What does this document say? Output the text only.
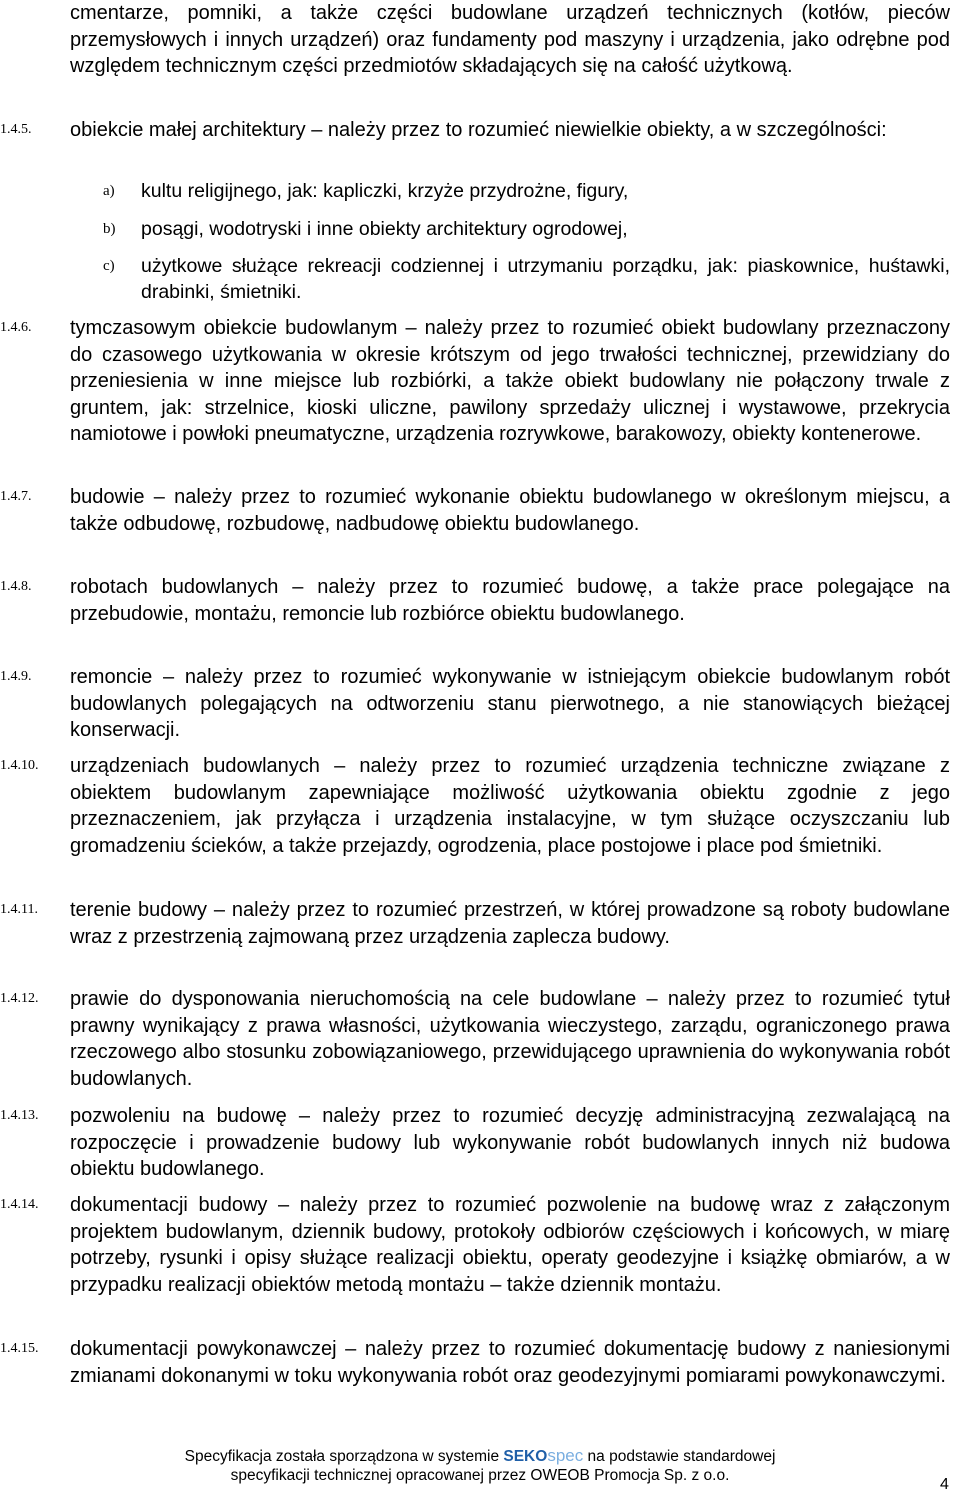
cmentarze, pomniki, a także części budowlane urządzeń technicznych (kotłów, pieców przemysłowych i innych urządzeń) oraz fundamenty pod maszyny i urządzenia, jako odrębne pod względem technicznym części przedmiotów składających się na całość użytkową.
1.4.5. obiekcie małej architektury – należy przez to rozumieć niewielkie obiekty, a w szczególności:
a) kultu religijnego, jak: kapliczki, krzyże przydrożne, figury,
b) posągi, wodotryski i inne obiekty architektury ogrodowej,
c) użytkowe służące rekreacji codziennej i utrzymaniu porządku, jak: piaskownice, huśtawki, drabinki, śmietniki.
1.4.6. tymczasowym obiekcie budowlanym – należy przez to rozumieć obiekt budowlany przeznaczony do czasowego użytkowania w okresie krótszym od jego trwałości technicznej, przewidziany do przeniesienia w inne miejsce lub rozbiórki, a także obiekt budowlany nie połączony trwale z gruntem, jak: strzelnice, kioski uliczne, pawilony sprzedaży ulicznej i wystawowe, przekrycia namiotowe i powłoki pneumatyczne, urządzenia rozrywkowe, barakowozy, obiekty kontenerowe.
1.4.7. budowie – należy przez to rozumieć wykonanie obiektu budowlanego w określonym miejscu, a także odbudowę, rozbudowę, nadbudowę obiektu budowlanego.
1.4.8. robotach budowlanych – należy przez to rozumieć budowę, a także prace polegające na przebudowie, montażu, remoncie lub rozbiórce obiektu budowlanego.
1.4.9. remoncie – należy przez to rozumieć wykonywanie w istniejącym obiekcie budowlanym robót budowlanych polegających na odtworzeniu stanu pierwotnego, a nie stanowiących bieżącej konserwacji.
1.4.10. urządzeniach budowlanych – należy przez to rozumieć urządzenia techniczne związane z obiektem budowlanym zapewniające możliwość użytkowania obiektu zgodnie z jego przeznaczeniem, jak przyłącza i urządzenia instalacyjne, w tym służące oczyszczaniu lub gromadzeniu ścieków, a także przejazdy, ogrodzenia, place postojowe i place pod śmietniki.
1.4.11. terenie budowy – należy przez to rozumieć przestrzeń, w której prowadzone są roboty budowlane wraz z przestrzenią zajmowaną przez urządzenia zaplecza budowy.
1.4.12. prawie do dysponowania nieruchomością na cele budowlane – należy przez to rozumieć tytuł prawny wynikający z prawa własności, użytkowania wieczystego, zarządu, ograniczonego prawa rzeczowego albo stosunku zobowiązaniowego, przewidującego uprawnienia do wykonywania robót budowlanych.
1.4.13. pozwoleniu na budowę – należy przez to rozumieć decyzję administracyjną zezwalającą na rozpoczęcie i prowadzenie budowy lub wykonywanie robót budowlanych innych niż budowa obiektu budowlanego.
1.4.14. dokumentacji budowy – należy przez to rozumieć pozwolenie na budowę wraz z załączonym projektem budowlanym, dziennik budowy, protokoły odbiorów częściowych i końcowych, w miarę potrzeby, rysunki i opisy służące realizacji obiektu, operaty geodezyjne i książkę obmiarów, a w przypadku realizacji obiektów metodą montażu – także dziennik montażu.
1.4.15. dokumentacji powykonawczej – należy przez to rozumieć dokumentację budowy z naniesionymi zmianami dokonanymi w toku wykonywania robót oraz geodezyjnymi pomiarami powykonawczymi.
Specyfikacja została sporządzona w systemie SEKOspec na podstawie standardowej
specyfikacji technicznej opracowanej przez OWEOB Promocja Sp. z o.o.
4
